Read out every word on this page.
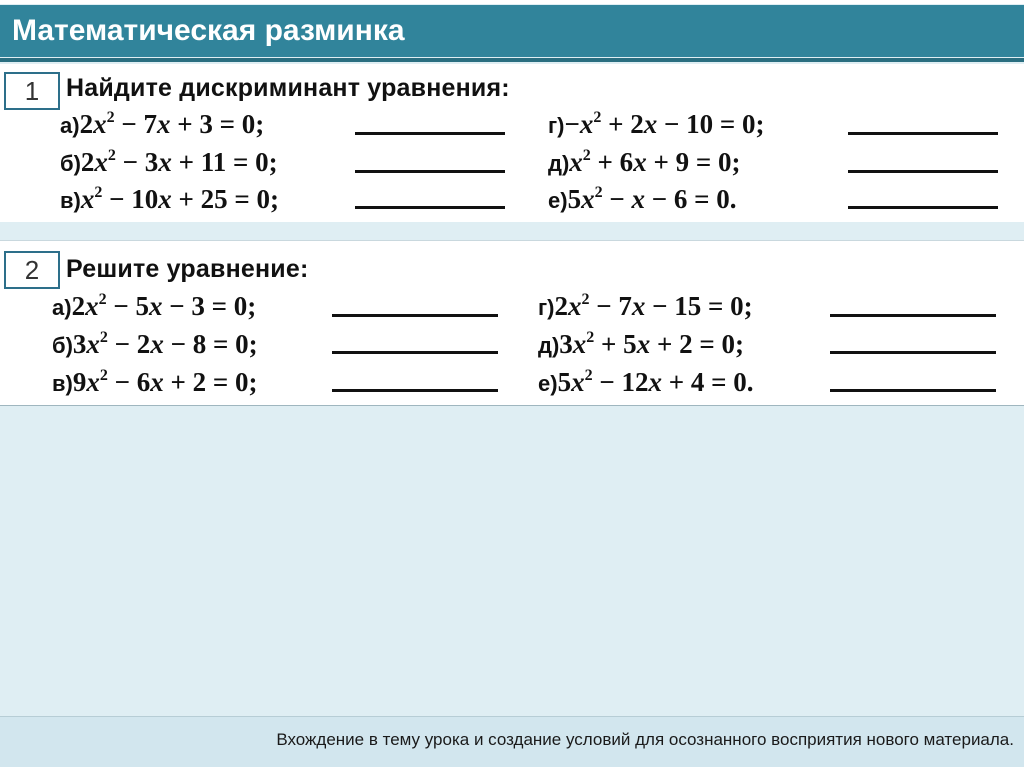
Математическая разминка
1	Найдите дискриминант уравнения:
$а)2x^2 - 7x + 3 = 0$;
$б)2x^2 - 3x + 11 = 0$;
$в)x^2 - 10x + 25 = 0$;
$г)-x^2 + 2x - 10 = 0$;
$д)x^2 + 6x + 9 = 0$;
$е)5x^2 - x - 6 = 0$.
2	Решите уравнение:
$а)2x^2 - 5x - 3 = 0$;
$б)3x^2 - 2x - 8 = 0$;
$в)9x^2 - 6x + 2 = 0$;
$г)2x^2 - 7x - 15 = 0$;
$д)3x^2 + 5x + 2 = 0$;
$е)5x^2 - 12x + 4 = 0$.
Вхождение в тему урока и создание условий для осознанного восприятия нового материала.
